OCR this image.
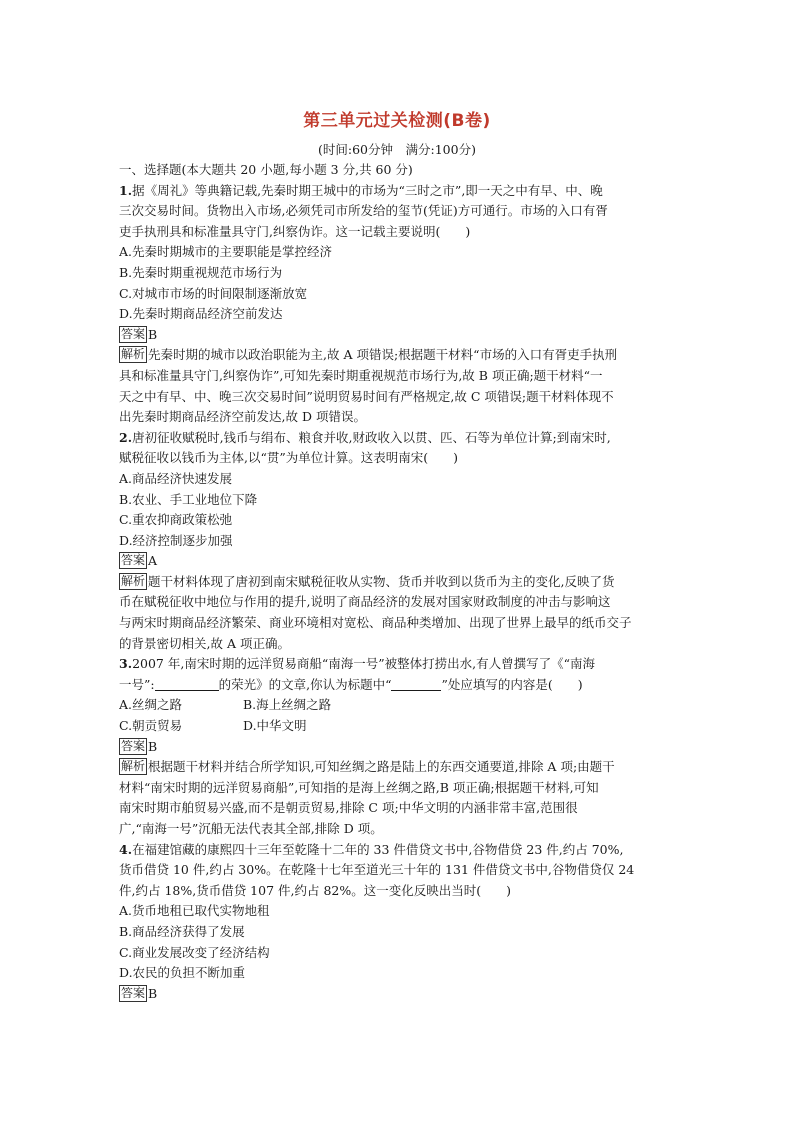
第三单元过关检测(B卷)
(时间:60分钟　满分:100分)
一、选择题(本大题共 20 小题,每小题 3 分,共 60 分)
1.据《周礼》等典籍记载,先秦时期王城中的市场为“三时之市”,即一天之中有早、中、晚
三次交易时间。货物出入市场,必须凭司市所发给的玺节(凭证)方可通行。市场的入口有胥
吏手执刑具和标准量具守门,纠察伪诈。这一记载主要说明(　　)
A.先秦时期城市的主要职能是掌控经济
B.先秦时期重视规范市场行为
C.对城市市场的时间限制逐渐放宽
D.先秦时期商品经济空前发达
答案 B
解析 先秦时期的城市以政治职能为主,故 A 项错误;根据题干材料“市场的入口有胥吏手执刑
具和标准量具守门,纠察伪诈”,可知先秦时期重视规范市场行为,故 B 项正确;题干材料“一
天之中有早、中、晚三次交易时间”说明贸易时间有严格规定,故 C 项错误;题干材料体现不
出先秦时期商品经济空前发达,故 D 项错误。
2.唐初征收赋税时,钱币与绢布、粮食并收,财政收入以贯、匹、石等为单位计算;到南宋时,
赋税征收以钱币为主体,以“贯”为单位计算。这表明南宋(　　)
A.商品经济快速发展
B.农业、手工业地位下降
C.重农抑商政策松弛
D.经济控制逐步加强
答案 A
解析 题干材料体现了唐初到南宋赋税征收从实物、货币并收到以货币为主的变化,反映了货
币在赋税征收中地位与作用的提升,说明了商品经济的发展对国家财政制度的冲击与影响这
与两宋时期商品经济繁荣、商业环境相对宽松、商品种类增加、出现了世界上最早的纸币交子
的背景密切相关,故 A 项正确。
3.2007 年,南宋时期的远洋贸易商船“南海一号”被整体打捞出水,有人曾撰写了《“南海
一号”:	的荣光》的文章,你认为标题中“	”处应填写的内容是(　　)
A.丝绸之路	B.海上丝绸之路
C.朝贡贸易	D.中华文明
答案 B
解析 根据题干材料并结合所学知识,可知丝绸之路是陆上的东西交通要道,排除 A 项;由题干
材料“南宋时期的远洋贸易商船”,可知指的是海上丝绸之路,B 项正确;根据题干材料,可知
南宋时期市舶贸易兴盛,而不是朝贡贸易,排除 C 项;中华文明的内涵非常丰富,范围很
广,“南海一号”沉船无法代表其全部,排除 D 项。
4.在福建馆藏的康熙四十三年至乾隆十二年的 33 件借贷文书中,谷物借贷 23 件,约占 70%,
货币借贷 10 件,约占 30%。在乾隆十七年至道光三十年的 131 件借贷文书中,谷物借贷仅 24
件,约占 18%,货币借贷 107 件,约占 82%。这一变化反映出当时(　　)
A.货币地租已取代实物地租
B.商品经济获得了发展
C.商业发展改变了经济结构
D.农民的负担不断加重
答案 B
